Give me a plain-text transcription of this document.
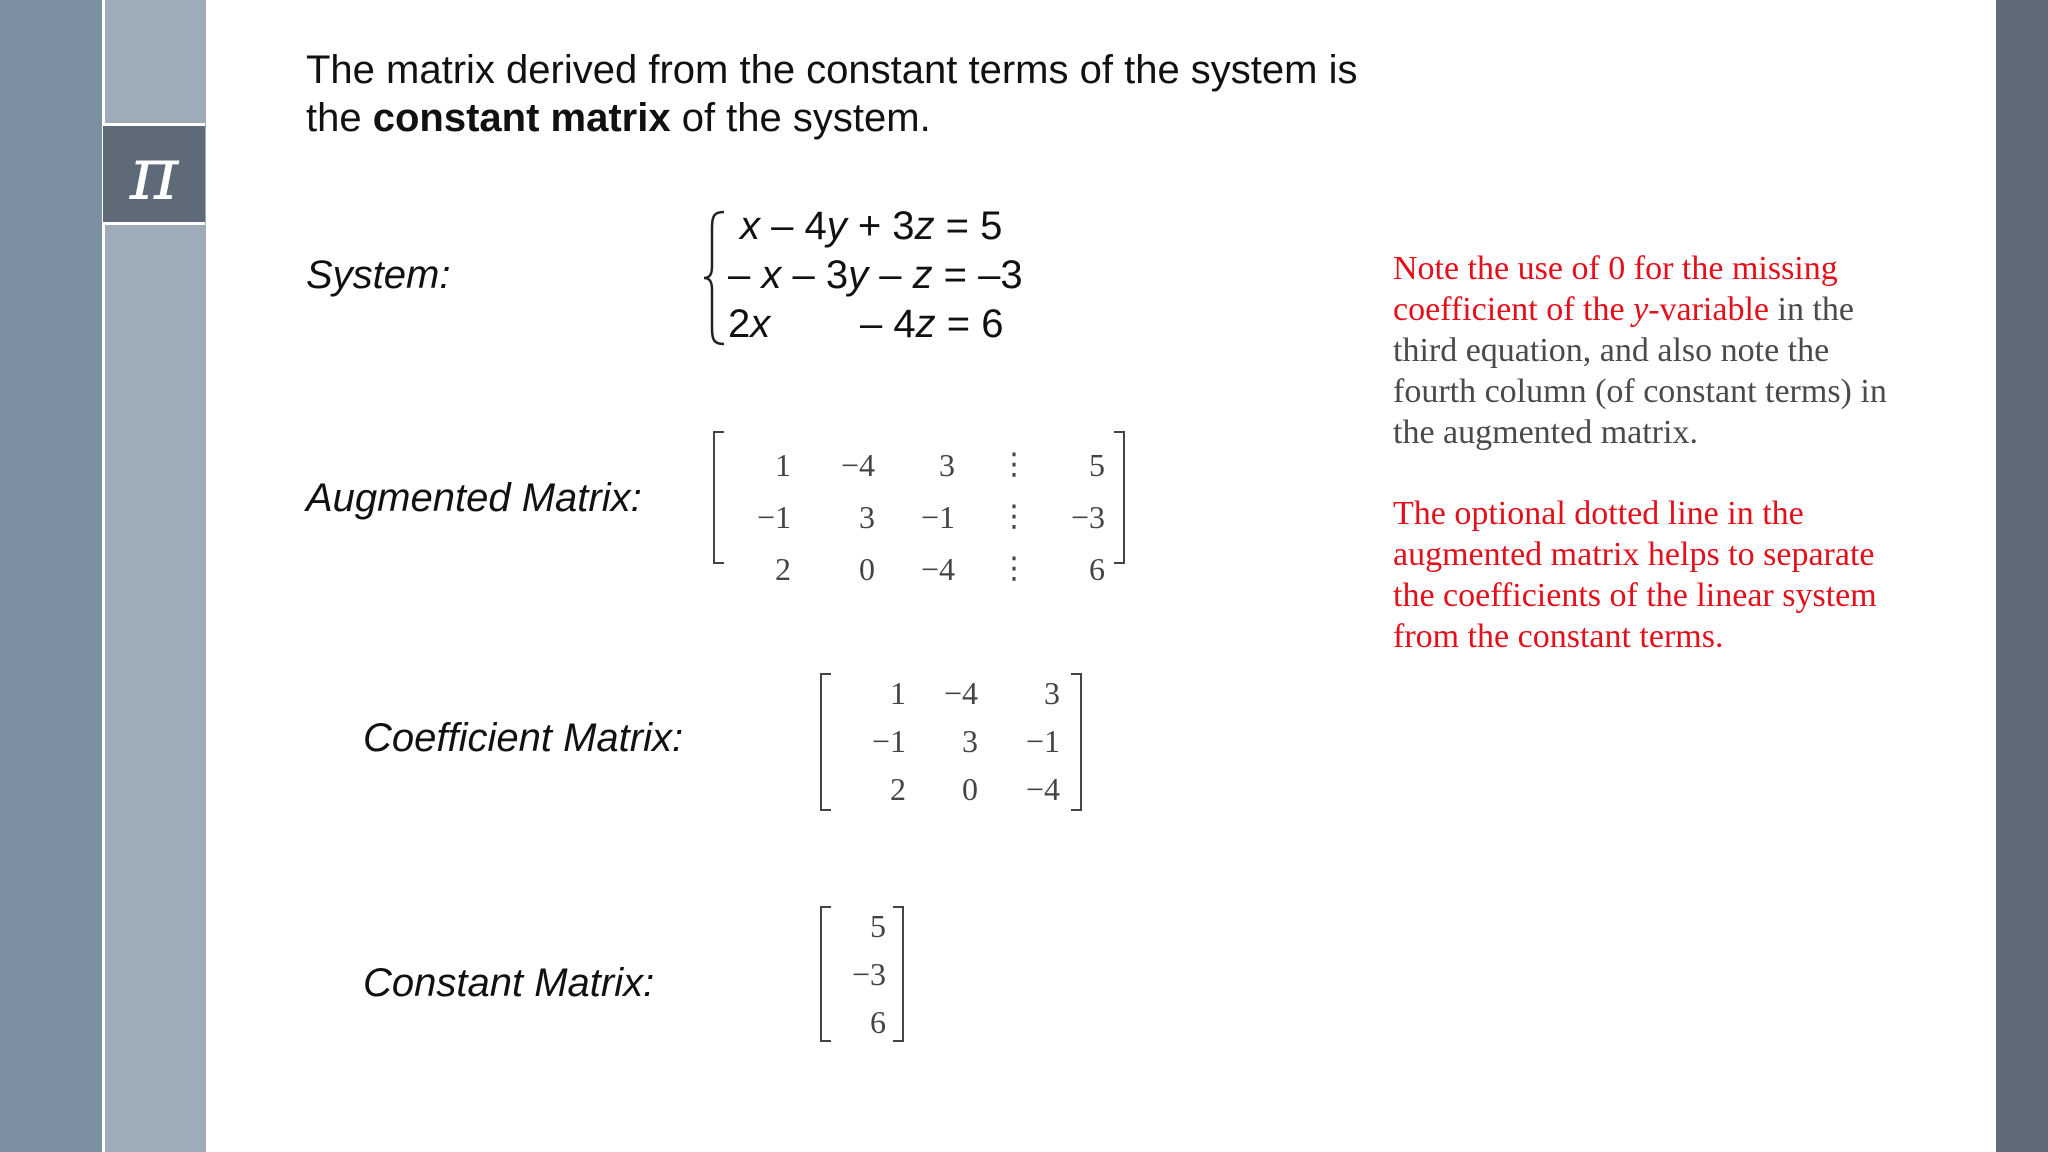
π
The matrix derived from the constant terms of the system is
the constant matrix of the system.
System:
x – 4y + 3z = 5
– x – 3y – z = –3
2x – 4z = 6
Augmented Matrix:
1	−4	3	5
−1	3	−1	−3
2	0	−4	6
⋮
⋮
⋮
Coefficient Matrix:
1	−4	3
−1	3	−1
2	0	−4
Constant Matrix:
5
−3
6
Note the use of 0 for the missing coefficient of the y-variable in the third equation, and also note the fourth column (of constant terms) in the augmented matrix.
The optional dotted line in the augmented matrix helps to separate the coefficients of the linear system from the constant terms.
